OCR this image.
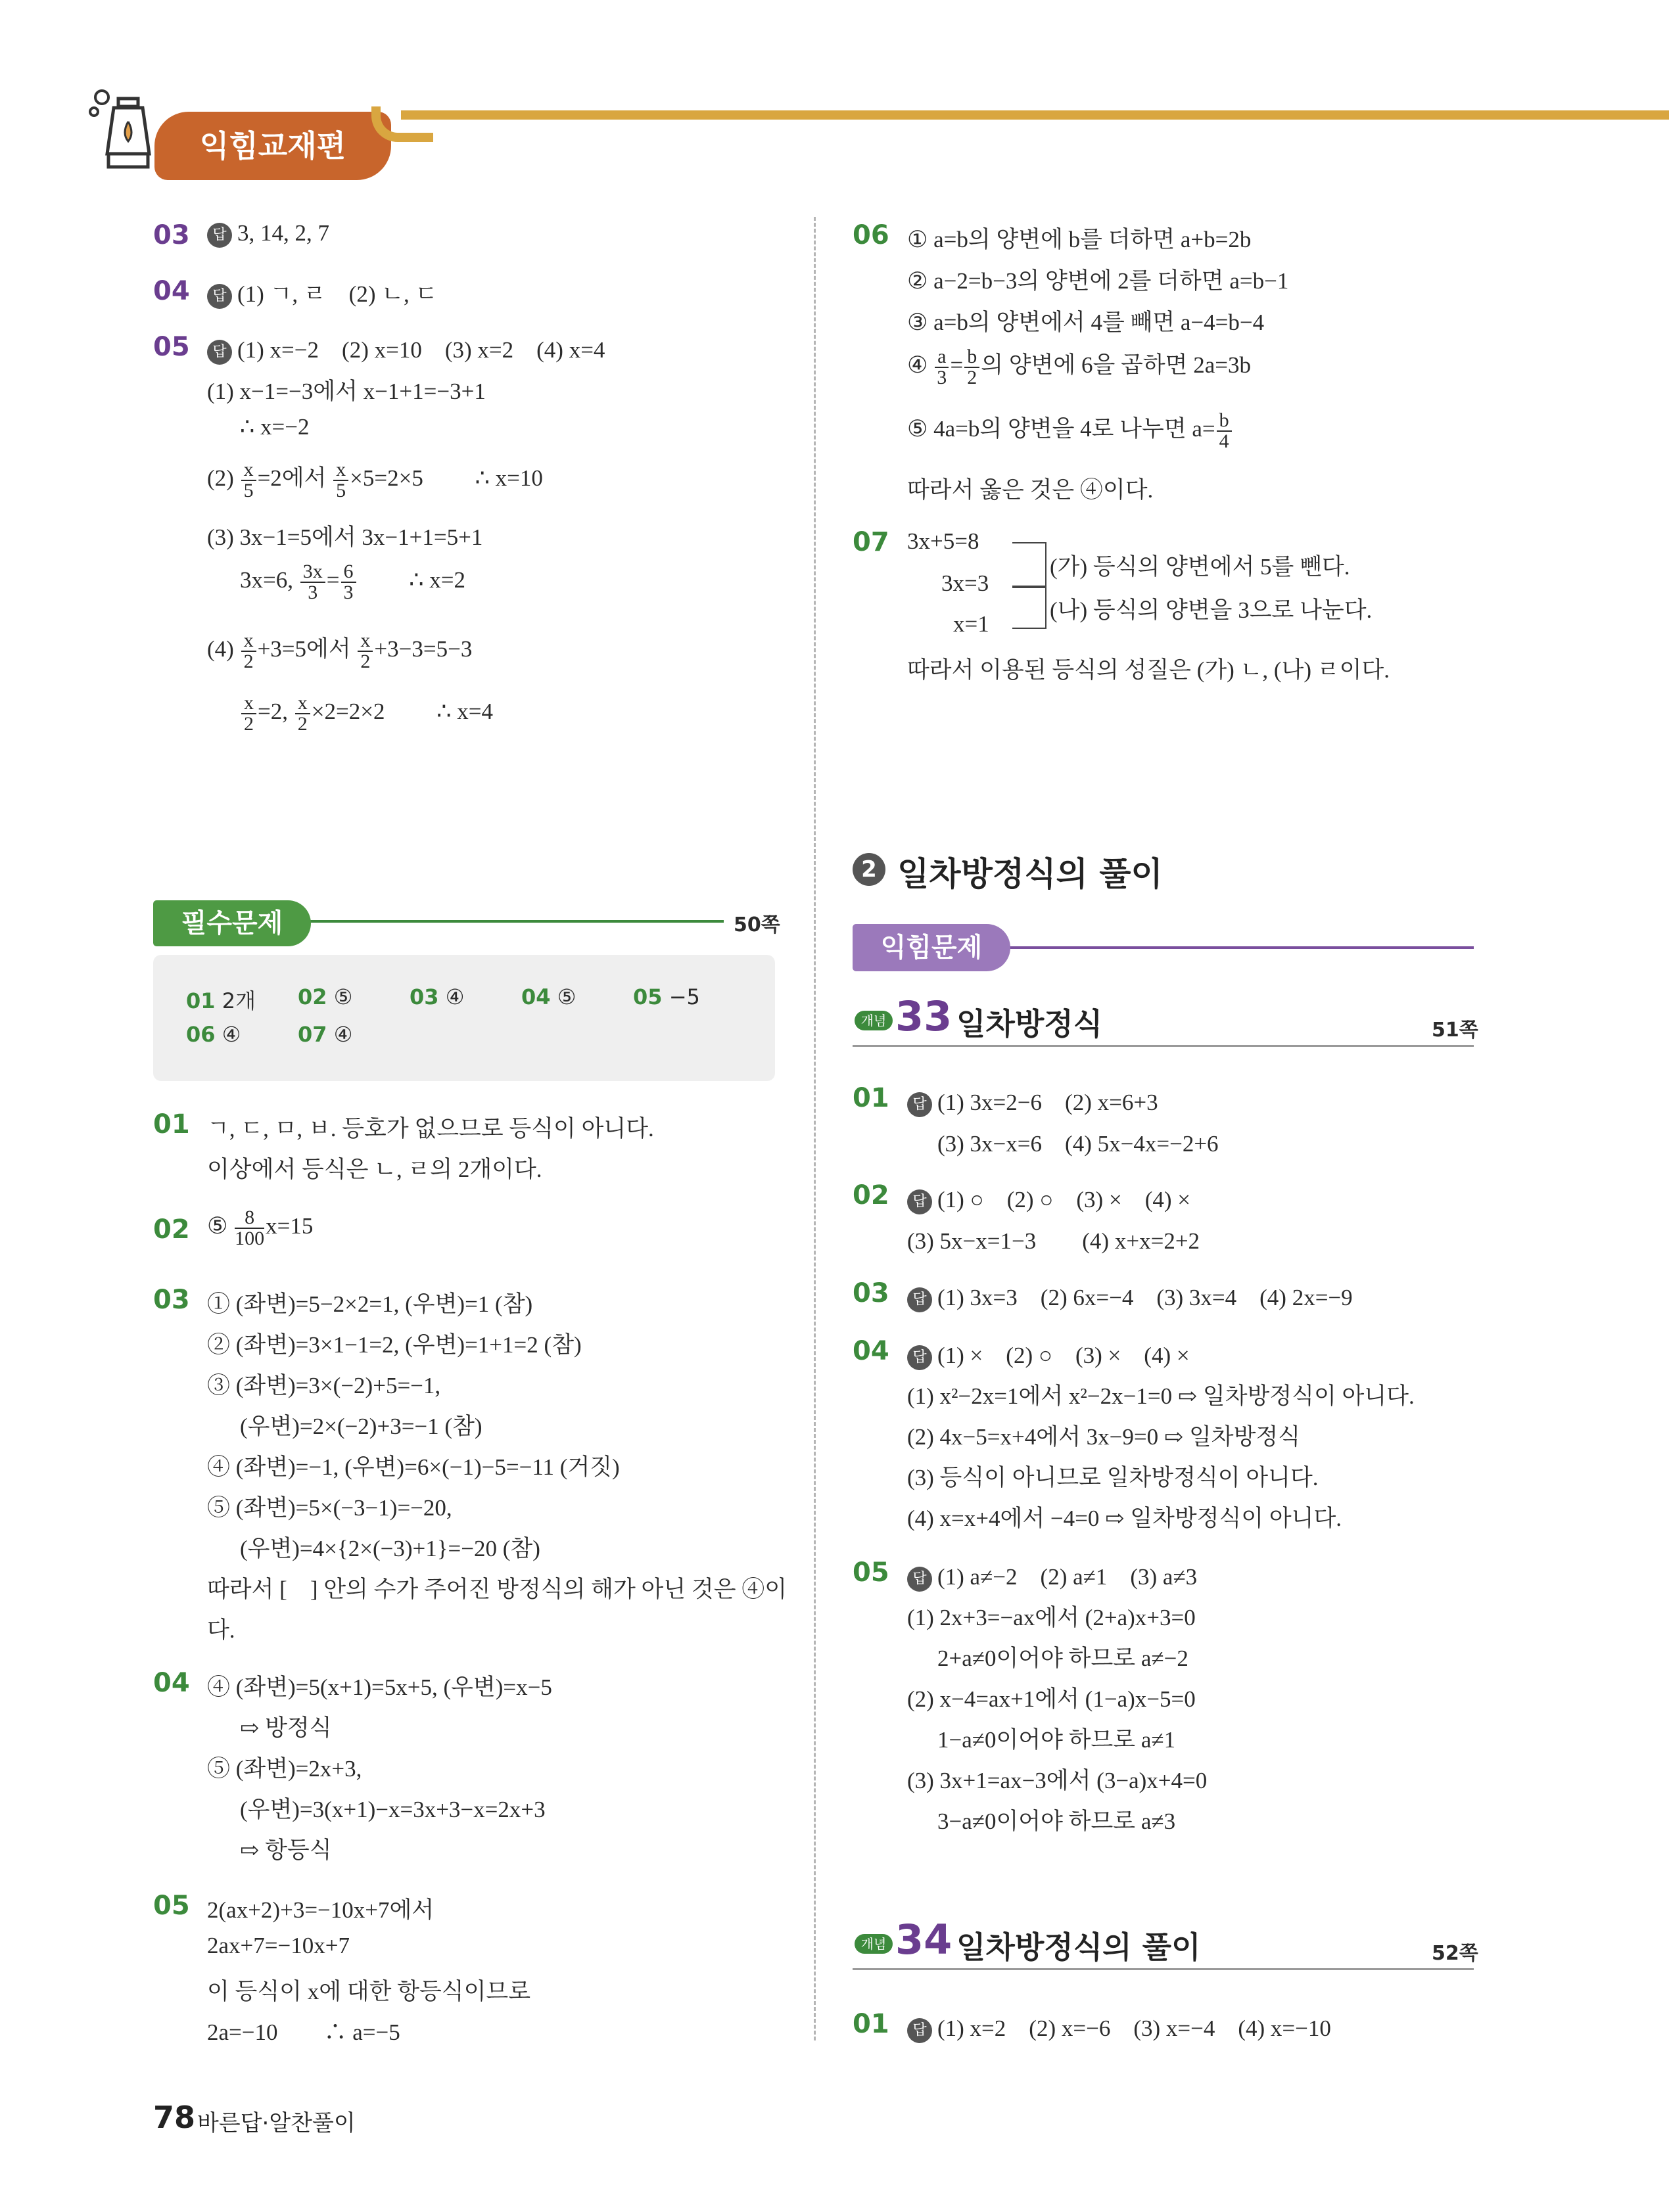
익힘교재편
03	답 3, 14, 2, 7
04	답 (1) ㄱ, ㄹ　(2) ㄴ, ㄷ
05	답 (1) x=−2　(2) x=10　(3) x=2　(4) x=4
(1) x−1=−3에서 x−1+1=−3+1
∴ x=−2
$(2) \frac{x}{5} =2$에서 $\frac{x}{5} \times 5=2\times 5$ ∴ x=10
(3) 3x−1=5에서 3x−1+1=5+1
3x=6, $\frac{3x}{3} = \frac{6}{3}$ ∴ x=2
$(4) \frac{x}{2} +3=5$에서 $\frac{x}{2} +3-3=5-3$
$\frac{x}{2} =2$, $\frac{x}{2} \times 2=2\times 2$ ∴ x=4
필수문제	50쪽
01 2개 02 ⑤	03 ④	04 ⑤	05 −5
06 ④	07 ④
01 ㄱ, ㄷ, ㅁ, ㅂ. 등호가 없으므로 등식이 아니다.
이상에서 등식은 ㄴ, ㄹ의 2개이다.
02 ⑤ $\frac{8}{100} x=15$
03 ① (좌변)=5−2×2=1, (우변)=1 (참)
② (좌변)=3×1−1=2, (우변)=1+1=2 (참)
③ (좌변)=3×(−2)+5=−1,
(우변)=2×(−2)+3=−1 (참)
④ (좌변)=−1, (우변)=6×(−1)−5=−11 (거짓)
⑤ (좌변)=5×(−3−1)=−20,
(우변)=4×{2×(−3)+1}=−20 (참)
따라서 [　] 안의 수가 주어진 방정식의 해가 아닌 것은 ④이
다.
04 ④ (좌변)=5(x+1)=5x+5, (우변)=x−5
⇨ 방정식
⑤ (좌변)=2x+3,
(우변)=3(x+1)−x=3x+3−x=2x+3
⇨ 항등식
05 2(ax+2)+3=−10x+7에서
2ax+7=−10x+7
이 등식이 x에 대한 항등식이므로
2a=−10　　∴ a=−5
06 ① a=b의 양변에 b를 더하면 a+b=2b
② a−2=b−3의 양변에 2를 더하면 a=b−1
③ a=b의 양변에서 4를 빼면 a−4=b−4
④ $\frac{a}{3} = \frac{b}{2}$ 의 양변에 6을 곱하면 2a=3b
⑤ 4a=b의 양변을 4로 나누면 $a= \frac{b}{4}$
따라서 옳은 것은 ④이다.
07 3x+5=8
3x=3
x=1
(가) 등식의 양변에서 5를 뺀다.
(나) 등식의 양변을 3으로 나눈다.
따라서 이용된 등식의 성질은 (가) ㄴ, (나) ㄹ이다.
2 일차방정식의 풀이
익힘문제
개념 33 일차방정식	51쪽
01	답 (1) 3x=2−6　(2) x=6+3
(3) 3x−x=6　(4) 5x−4x=−2+6
02	답 (1) ○　(2) ○　(3) ×　(4) ×
(3) 5x−x=1−3　　(4) x+x=2+2
03	답 (1) 3x=3　(2) 6x=−4　(3) 3x=4　(4) 2x=−9
04	답 (1) ×　(2) ○　(3) ×　(4) ×
(1) x²−2x=1에서 x²−2x−1=0 ⇨ 일차방정식이 아니다.
(2) 4x−5=x+4에서 3x−9=0 ⇨ 일차방정식
(3) 등식이 아니므로 일차방정식이 아니다.
(4) x=x+4에서 −4=0 ⇨ 일차방정식이 아니다.
05	답 (1) a≠−2　(2) a≠1　(3) a≠3
(1) 2x+3=−ax에서 (2+a)x+3=0
2+a≠0이어야 하므로 a≠−2
(2) x−4=ax+1에서 (1−a)x−5=0
1−a≠0이어야 하므로 a≠1
(3) 3x+1=ax−3에서 (3−a)x+4=0
3−a≠0이어야 하므로 a≠3
개념 34 일차방정식의 풀이	52쪽
01	답 (1) x=2　(2) x=−6　(3) x=−4　(4) x=−10
78 바른답·알찬풀이
